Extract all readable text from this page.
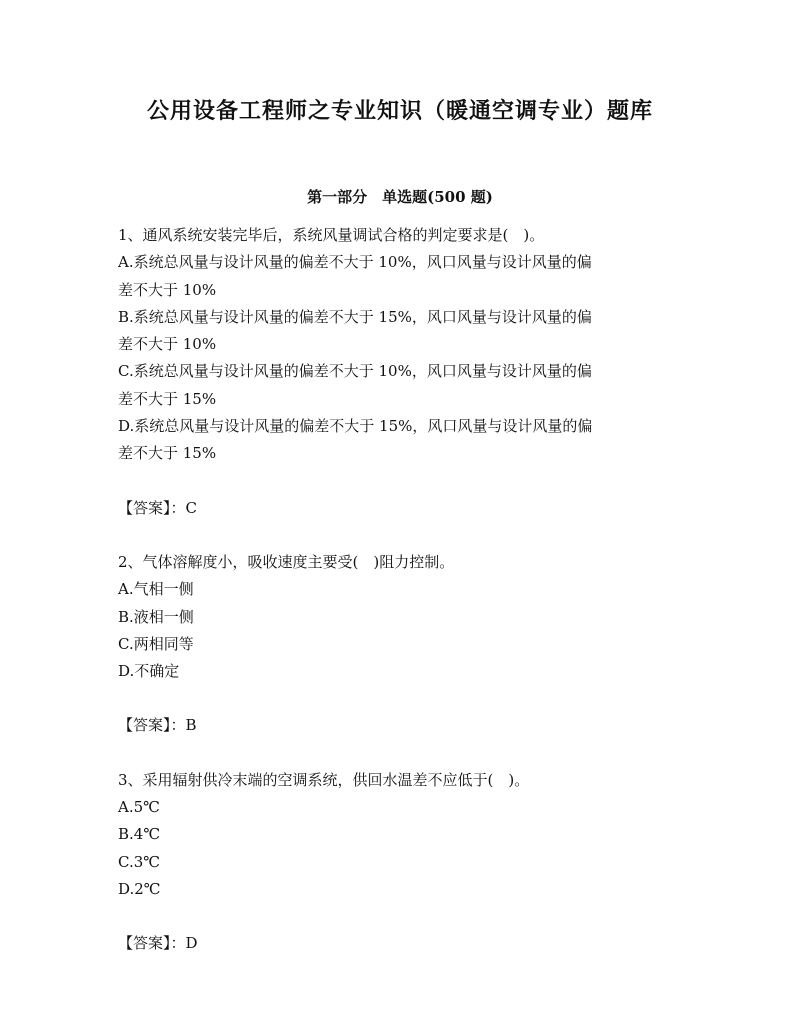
公用设备工程师之专业知识（暖通空调专业）题库
第一部分　单选题(500 题)

1、通风系统安装完毕后，系统风量调试合格的判定要求是(　)。

A.系统总风量与设计风量的偏差不大于 10%，风口风量与设计风量的偏

差不大于 10%

B.系统总风量与设计风量的偏差不大于 15%，风口风量与设计风量的偏

差不大于 10%

C.系统总风量与设计风量的偏差不大于 10%，风口风量与设计风量的偏

差不大于 15%

D.系统总风量与设计风量的偏差不大于 15%，风口风量与设计风量的偏

差不大于 15%

【答案】：C

2、气体溶解度小，吸收速度主要受(　)阻力控制。

A.气相一侧

B.液相一侧

C.两相同等

D.不确定

【答案】：B

3、采用辐射供冷末端的空调系统，供回水温差不应低于(　)。

A.5℃

B.4℃

C.3℃

D.2℃

【答案】：D
